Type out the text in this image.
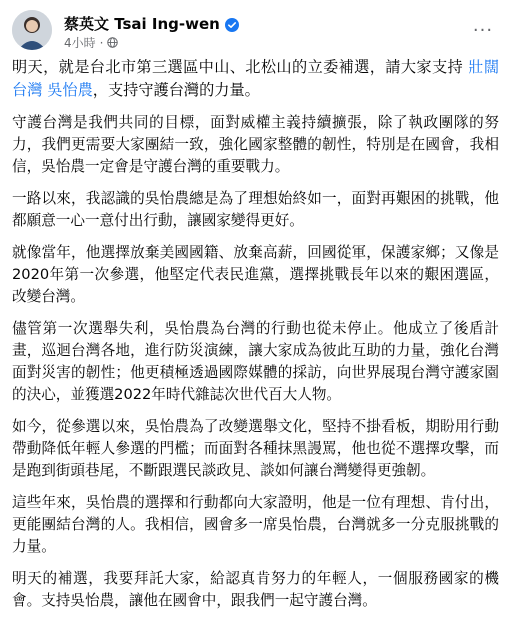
蔡英文 Tsai Ing-wen
4小時 ·
···

明天，就是台北市第三選區中山、北松山的立委補選，請大家支持 壯闊台灣 吳怡農，支持守護台灣的力量。

守護台灣是我們共同的目標，面對威權主義持續擴張，除了執政團隊的努力，我們更需要大家團結一致，強化國家整體的韌性，特別是在國會，我相信，吳怡農一定會是守護台灣的重要戰力。

一路以來，我認識的吳怡農總是為了理想始終如一，面對再艱困的挑戰，他都願意一心一意付出行動，讓國家變得更好。

就像當年，他選擇放棄美國國籍、放棄高薪，回國從軍，保護家鄉；又像是2020年第一次參選，他堅定代表民進黨，選擇挑戰長年以來的艱困選區，改變台灣。

儘管第一次選舉失利，吳怡農為台灣的行動也從未停止。他成立了後盾計畫，巡迴台灣各地，進行防災演練，讓大家成為彼此互助的力量，強化台灣面對災害的韌性；他更積極透過國際媒體的採訪，向世界展現台灣守護家園的決心，並獲選2022年時代雜誌次世代百大人物。

如今，從參選以來，吳怡農為了改變選舉文化，堅持不掛看板，期盼用行動帶動降低年輕人參選的門檻；而面對各種抹黑謾罵，他也從不選擇攻擊，而是跑到街頭巷尾，不斷跟選民談政見、談如何讓台灣變得更強韌。

這些年來，吳怡農的選擇和行動都向大家證明，他是一位有理想、肯付出，更能團結台灣的人。我相信，國會多一席吳怡農，台灣就多一分克服挑戰的力量。

明天的補選，我要拜託大家，給認真肯努力的年輕人，一個服務國家的機會。支持吳怡農，讓他在國會中，跟我們一起守護台灣。
